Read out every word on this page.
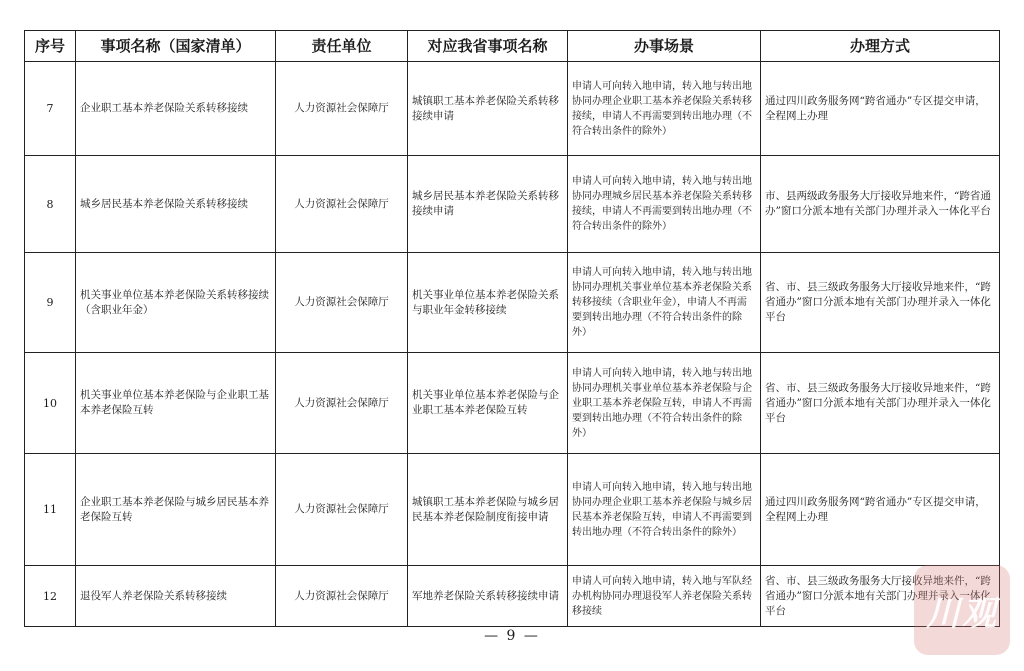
序号	事项名称（国家清单）	责任单位	对应我省事项名称	办事场景	办理方式
7	企业职工基本养老保险关系转移接续	人力资源社会保障厅	城镇职工基本养老保险关系转移接续申请	申请人可向转入地申请，转入地与转出地协同办理企业职工基本养老保险关系转移接续，申请人不再需要到转出地办理（不符合转出条件的除外）	通过四川政务服务网“跨省通办”专区提交申请，全程网上办理
8	城乡居民基本养老保险关系转移接续	人力资源社会保障厅	城乡居民基本养老保险关系转移接续申请	申请人可向转入地申请，转入地与转出地协同办理城乡居民基本养老保险关系转移接续，申请人不再需要到转出地办理（不符合转出条件的除外）	市、县两级政务服务大厅接收异地来件，“跨省通办”窗口分派本地有关部门办理并录入一体化平台
9	机关事业单位基本养老保险关系转移接续（含职业年金）	人力资源社会保障厅	机关事业单位基本养老保险关系与职业年金转移接续	申请人可向转入地申请，转入地与转出地协同办理机关事业单位基本养老保险关系转移接续（含职业年金），申请人不再需要到转出地办理（不符合转出条件的除外）	省、市、县三级政务服务大厅接收异地来件，“跨省通办”窗口分派本地有关部门办理并录入一体化平台
10	机关事业单位基本养老保险与企业职工基本养老保险互转	人力资源社会保障厅	机关事业单位基本养老保险与企业职工基本养老保险互转	申请人可向转入地申请，转入地与转出地协同办理机关事业单位基本养老保险与企业职工基本养老保险互转，申请人不再需要到转出地办理（不符合转出条件的除外）	省、市、县三级政务服务大厅接收异地来件，“跨省通办”窗口分派本地有关部门办理并录入一体化平台
11	企业职工基本养老保险与城乡居民基本养老保险互转	人力资源社会保障厅	城镇职工基本养老保险与城乡居民基本养老保险制度衔接申请	申请人可向转入地申请，转入地与转出地协同办理企业职工基本养老保险与城乡居民基本养老保险互转，申请人不再需要到转出地办理（不符合转出条件的除外）	通过四川政务服务网“跨省通办”专区提交申请，全程网上办理
12	退役军人养老保险关系转移接续	人力资源社会保障厅	军地养老保险关系转移接续申请	申请人可向转入地申请，转入地与军队经办机构协同办理退役军人养老保险关系转移接续	省、市、县三级政务服务大厅接收异地来件，“跨省通办”窗口分派本地有关部门办理并录入一体化平台
— 9 —
川观
